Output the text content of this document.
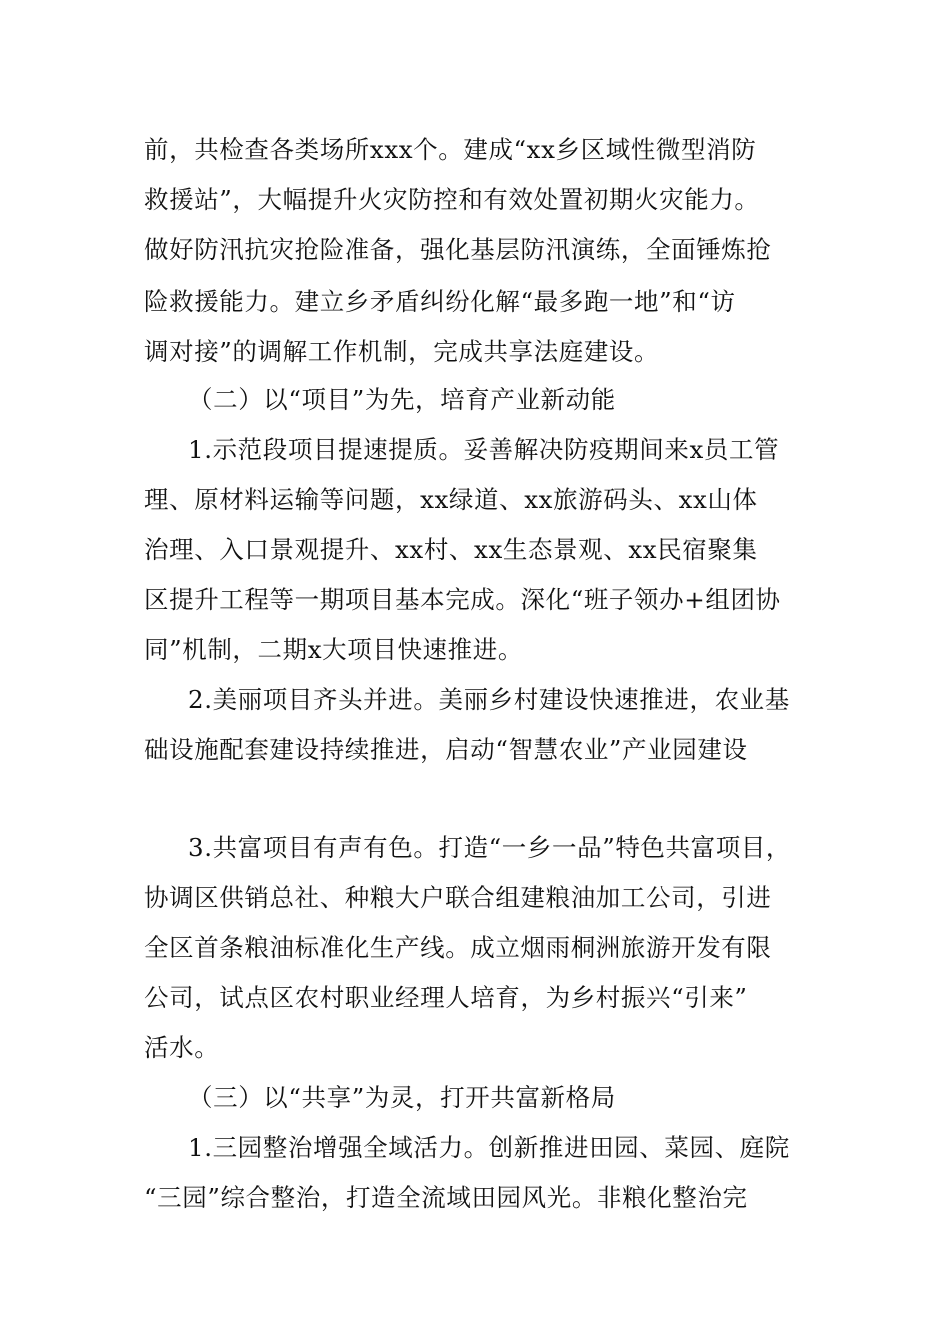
前，共检查各类场所xxx个。建成“xx乡区域性微型消防
救援站”，大幅提升火灾防控和有效处置初期火灾能力。
做好防汛抗灾抢险准备，强化基层防汛演练，全面锤炼抢
险救援能力。建立乡矛盾纠纷化解“最多跑一地”和“访
调对接”的调解工作机制，完成共享法庭建设。
（二）以“项目”为先，培育产业新动能
1.示范段项目提速提质。妥善解决防疫期间来x员工管
理、原材料运输等问题，xx绿道、xx旅游码头、xx山体
治理、入口景观提升、xx村、xx生态景观、xx民宿聚集
区提升工程等一期项目基本完成。深化“班子领办+组团协
同”机制，二期x大项目快速推进。
2.美丽项目齐头并进。美丽乡村建设快速推进，农业基
础设施配套建设持续推进，启动“智慧农业”产业园建设
3.共富项目有声有色。打造“一乡一品”特色共富项目，
协调区供销总社、种粮大户联合组建粮油加工公司，引进
全区首条粮油标准化生产线。成立烟雨桐洲旅游开发有限
公司，试点区农村职业经理人培育，为乡村振兴“引来”
活水。
（三）以“共享”为灵，打开共富新格局
1.三园整治增强全域活力。创新推进田园、菜园、庭院
“三园”综合整治，打造全流域田园风光。非粮化整治完
